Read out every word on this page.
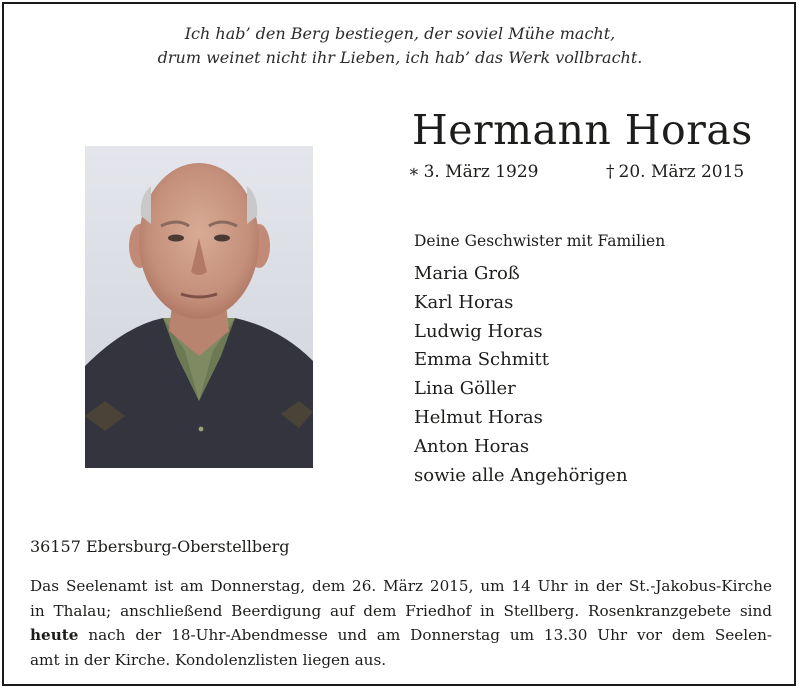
Ich hab’ den Berg bestiegen, der soviel Mühe macht,
drum weinet nicht ihr Lieben, ich hab’ das Werk vollbracht.
Hermann Horas
∗ 3. März 1929	† 20. März 2015
Deine Geschwister mit Familien
Maria Groß
Karl Horas
Ludwig Horas
Emma Schmitt
Lina Göller
Helmut Horas
Anton Horas
sowie alle Angehörigen
36157 Ebersburg-Oberstellberg

Das Seelenamt ist am Donnerstag, dem 26. März 2015, um 14 Uhr in der St.-Jakobus-Kirche

in Thalau; anschließend Beerdigung auf dem Friedhof in Stellberg. Rosenkranzgebete sind

heute nach der 18-Uhr-Abendmesse und am Donnerstag um 13.30 Uhr vor dem Seelen-

amt in der Kirche. Kondolenzlisten liegen aus.
